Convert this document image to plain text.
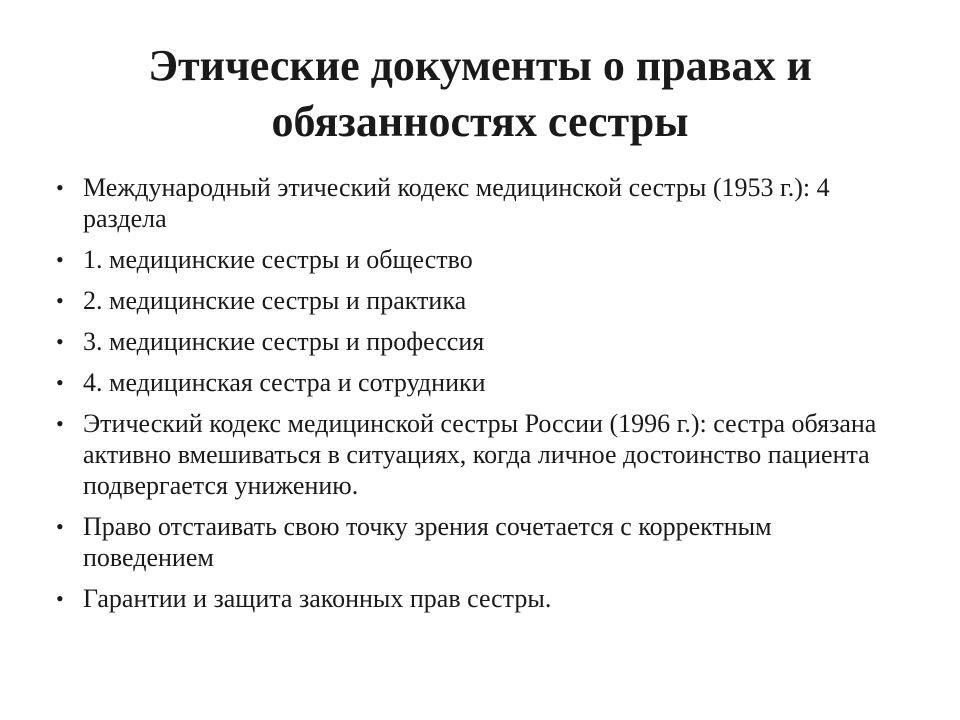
Этические документы о правах и
обязанностях сестры
• Международный этический кодекс медицинской сестры (1953 г.): 4 раздела
• 1. медицинские сестры и общество
• 2. медицинские сестры и практика
• 3. медицинские сестры и профессия
• 4. медицинская сестра и сотрудники
• Этический кодекс медицинской сестры России (1996 г.): сестра обязана активно вмешиваться в ситуациях, когда личное достоинство пациента подвергается унижению.
• Право отстаивать свою точку зрения сочетается с корректным поведением
• Гарантии и защита законных прав сестры.
